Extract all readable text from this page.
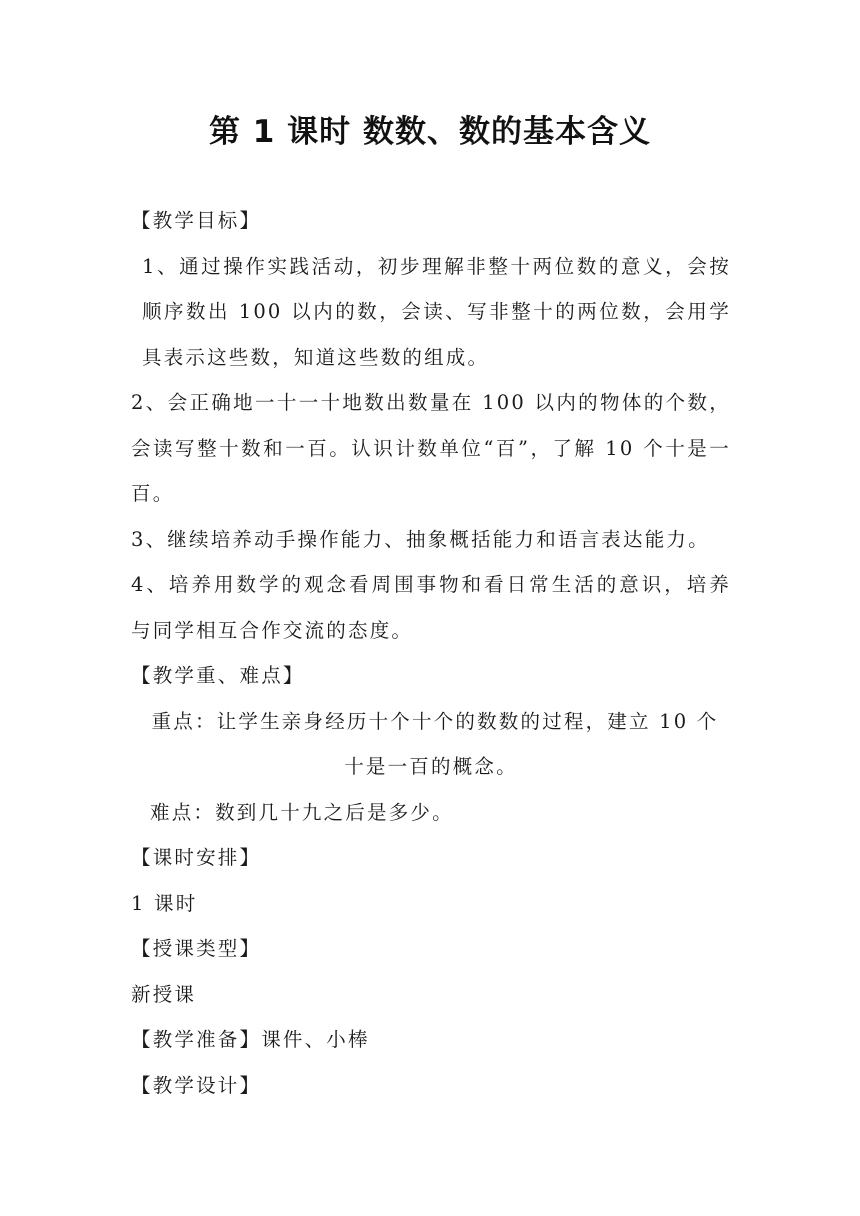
第 1 课时 数数、数的基本含义

【教学目标】

1、通过操作实践活动，初步理解非整十两位数的意义，会按顺序数出 100 以内的数，会读、写非整十的两位数，会用学具表示这些数，知道这些数的组成。

2、会正确地一十一十地数出数量在 100 以内的物体的个数，会读写整十数和一百。认识计数单位“百”，了解 10 个十是一百。

3、继续培养动手操作能力、抽象概括能力和语言表达能力。

4、培养用数学的观念看周围事物和看日常生活的意识，培养与同学相互合作交流的态度。

【教学重、难点】

重点：让学生亲身经历十个十个的数数的过程，建立 10 个

十是一百的概念。

难点：数到几十九之后是多少。

【课时安排】

1 课时

【授课类型】

新授课

【教学准备】课件、小棒

【教学设计】
